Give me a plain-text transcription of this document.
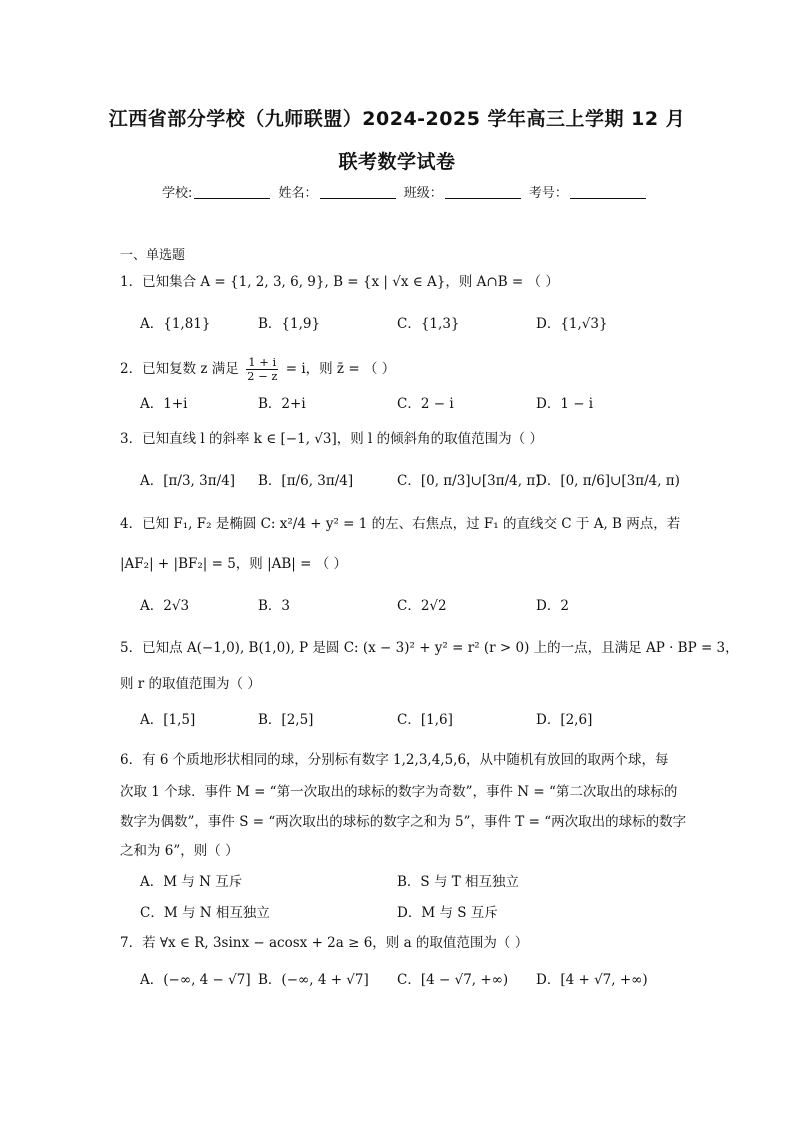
江西省部分学校（九师联盟）2024-2025 学年高三上学期 12 月
联考数学试卷
学校:	姓名：	班级：	考号：
一、单选题
1．已知集合 A = {1, 2, 3, 6, 9}, B = {x | √x ∈ A}，则 A∩B = （ ）
A．{1,81}	B．{1,9}	C．{1,3}	D．{1,√3}
2．已知复数 z 满足 $\frac{1 + i}{2 - z} = i$，则 z̄ = （ ）
A．1+i	B．2+i	C．2 − i	D．1 − i
3．已知直线 l 的斜率 k ∈ [−1, √3]，则 l 的倾斜角的取值范围为（ ）
A．[π/3, 3π/4] B．[π/6, 3π/4]	C．[0, π/3]∪[3π/4, π)
D．[0, π/6]∪[3π/4, π)
4．已知 F₁, F₂ 是椭圆 C: x²/4 + y² = 1 的左、右焦点，过 F₁ 的直线交 C 于 A, B 两点，若
|AF₂| + |BF₂| = 5，则 |AB| = （ ）
A．2√3	B．3	C．2√2	D．2
5．已知点 A(−1,0), B(1,0), P 是圆 C: (x − 3)² + y² = r² (r > 0) 上的一点，且满足 AP · BP = 3，
则 r 的取值范围为（ ）
A．[1,5]	B．[2,5]	C．[1,6]	D．[2,6]
6．有 6 个质地形状相同的球，分别标有数字 1,2,3,4,5,6，从中随机有放回的取两个球，每
次取 1 个球．事件 M = “第一次取出的球标的数字为奇数”，事件 N = “第二次取出的球标的
数字为偶数”，事件 S = “两次取出的球标的数字之和为 5”，事件 T = “两次取出的球标的数字
之和为 6”，则（ ）
A．M 与 N 互斥	B．S 与 T 相互独立
C．M 与 N 相互独立	D．M 与 S 互斥
7．若 ∀x ∈ R, 3sinx − acosx + 2a ≥ 6，则 a 的取值范围为（ ）
A．(−∞, 4 − √7] B．(−∞, 4 + √7] C．[4 − √7, +∞) D．[4 + √7, +∞)
